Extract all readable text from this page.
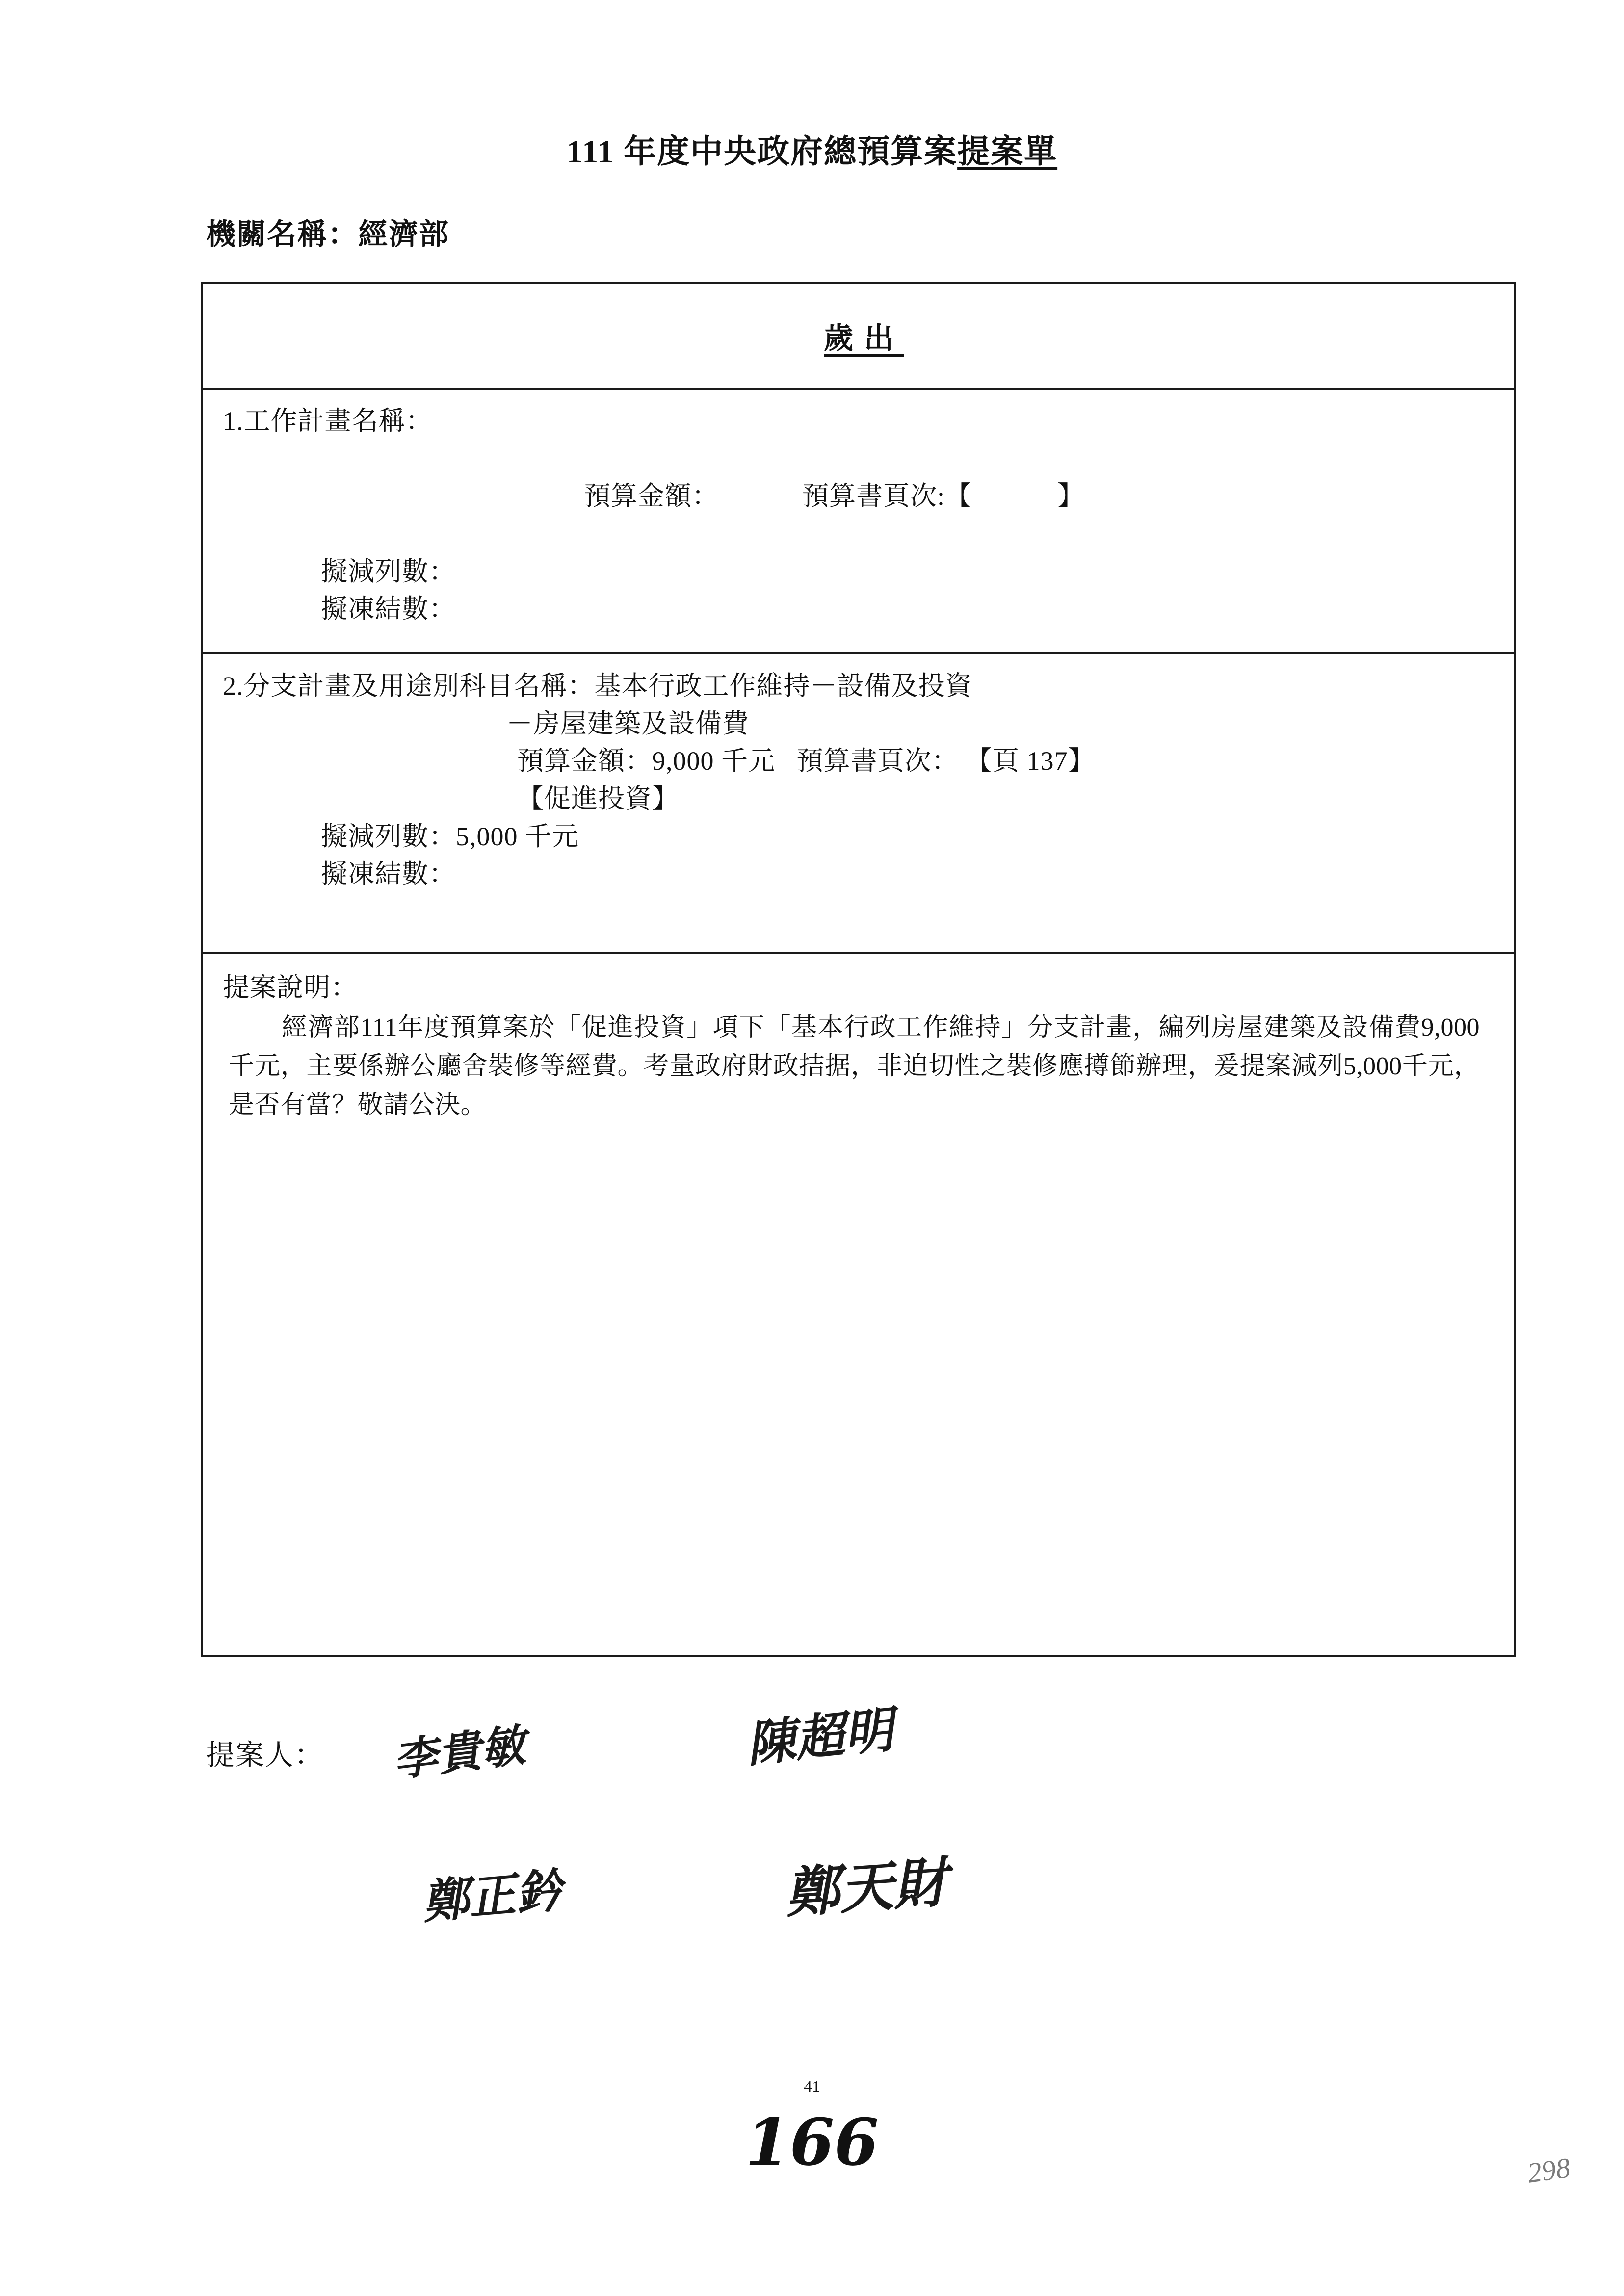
111 年度中央政府總預算案提案單
機關名稱：經濟部
歲出
1.工作計畫名稱：

預算金額：	預算書頁次:【            】

擬減列數：
擬凍結數：
2.分支計畫及用途別科目名稱：基本行政工作維持－設備及投資
－房屋建築及設備費
預算金額：9,000 千元   預算書頁次： 【頁 137】
【促進投資】
擬減列數：5,000 千元
擬凍結數：
提案說明：
經濟部111年度預算案於「促進投資」項下「基本行政工作維持」分支計畫，編列房屋建築及設備費9,000千元，主要係辦公廳舍裝修等經費。考量政府財政拮据，非迫切性之裝修應撙節辦理，爰提案減列5,000千元，是否有當？敬請公決。
提案人： 李貴敏	陳超明
鄭正鈐	鄭天財
41
166	298
